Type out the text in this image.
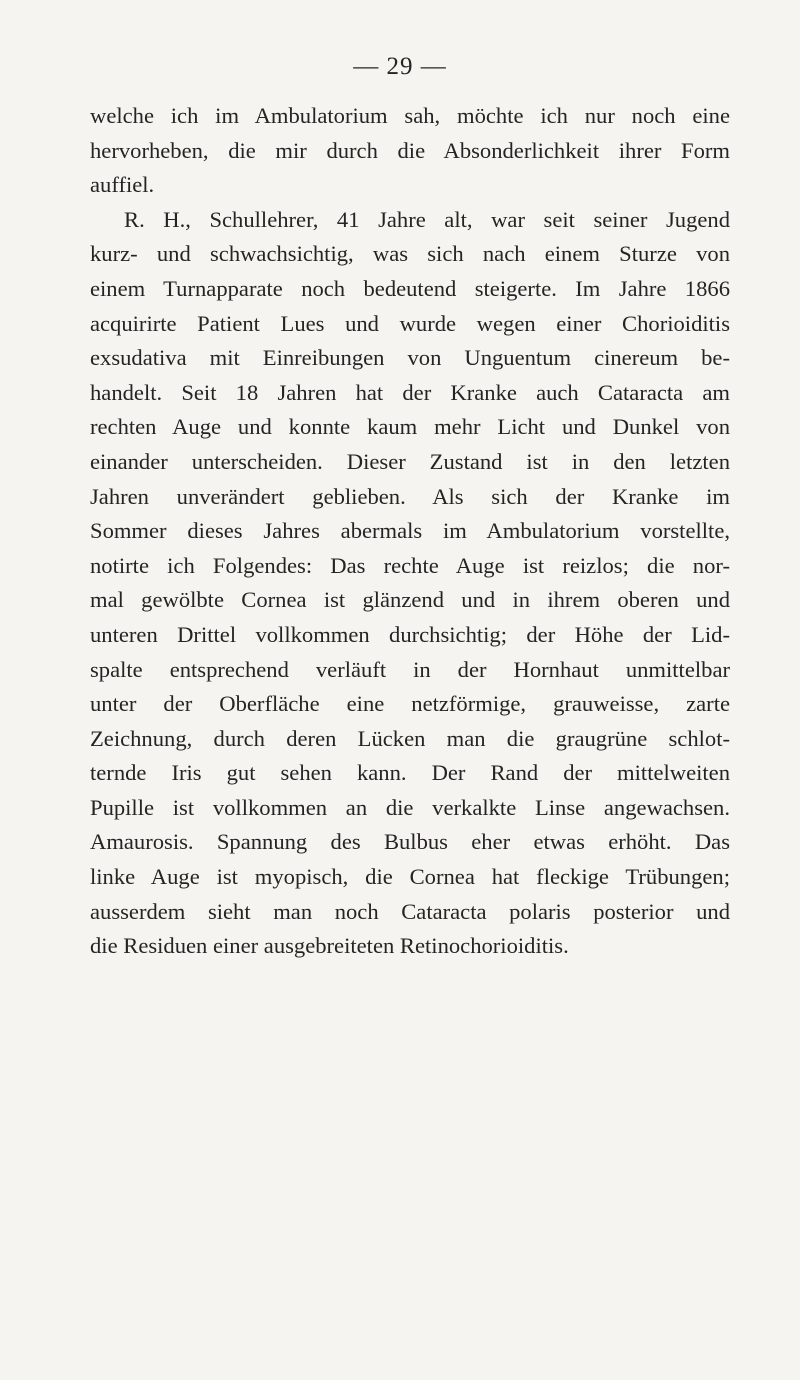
— 29 —
welche ich im Ambulatorium sah, möchte ich nur noch eine
hervorheben, die mir durch die Absonderlichkeit ihrer Form
auffiel.
R. H., Schullehrer, 41 Jahre alt, war seit seiner Jugend
kurz- und schwachsichtig, was sich nach einem Sturze von
einem Turnapparate noch bedeutend steigerte. Im Jahre 1866
acquirirte Patient Lues und wurde wegen einer Chorioiditis
exsudativa mit Einreibungen von Unguentum cinereum be-
handelt. Seit 18 Jahren hat der Kranke auch Cataracta am
rechten Auge und konnte kaum mehr Licht und Dunkel von
einander unterscheiden. Dieser Zustand ist in den letzten
Jahren unverändert geblieben. Als sich der Kranke im
Sommer dieses Jahres abermals im Ambulatorium vorstellte,
notirte ich Folgendes: Das rechte Auge ist reizlos; die nor-
mal gewölbte Cornea ist glänzend und in ihrem oberen und
unteren Drittel vollkommen durchsichtig; der Höhe der Lid-
spalte entsprechend verläuft in der Hornhaut unmittelbar
unter der Oberfläche eine netzförmige, grauweisse, zarte
Zeichnung, durch deren Lücken man die graugrüne schlot-
ternde Iris gut sehen kann. Der Rand der mittelweiten
Pupille ist vollkommen an die verkalkte Linse angewachsen.
Amaurosis. Spannung des Bulbus eher etwas erhöht. Das
linke Auge ist myopisch, die Cornea hat fleckige Trübungen;
ausserdem sieht man noch Cataracta polaris posterior und
die Residuen einer ausgebreiteten Retinochorioiditis.
